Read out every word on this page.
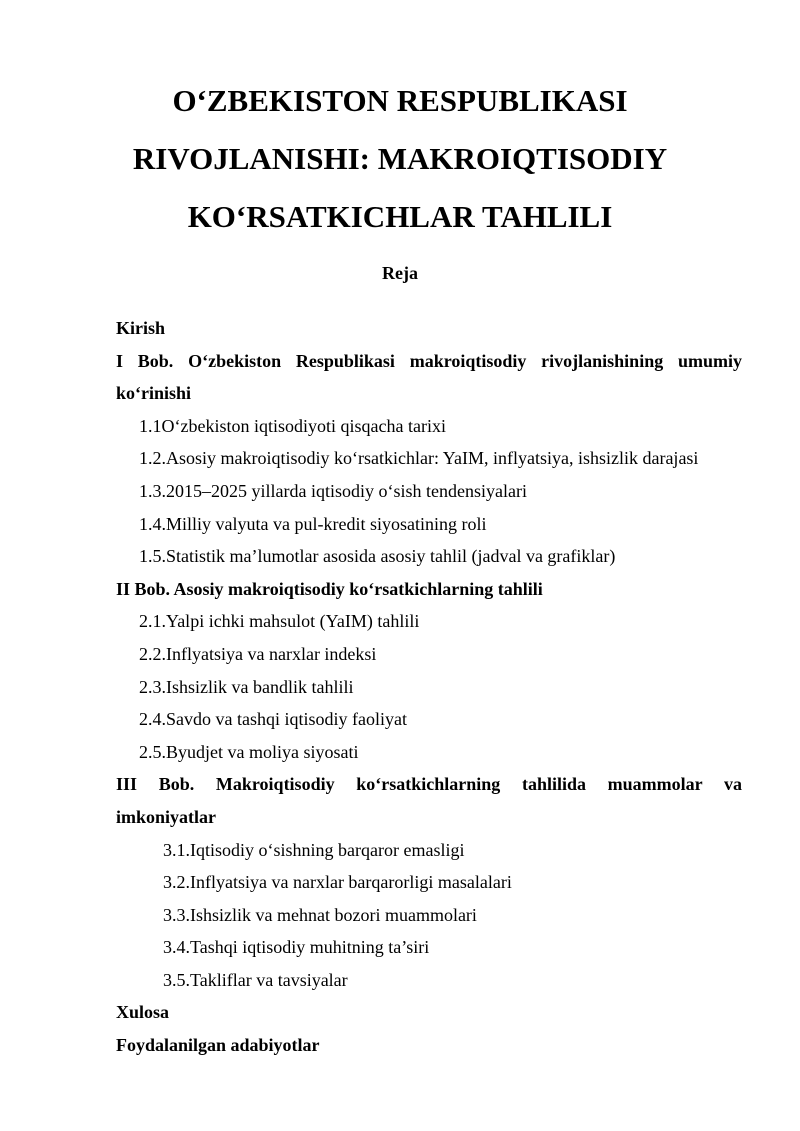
O‘ZBEKISTON RESPUBLIKASI
RIVOJLANISHI: MAKROIQTISODIY
KO‘RSATKICHLAR TAHLILI
Reja
Kirish
I Bob. O‘zbekiston Respublikasi makroiqtisodiy rivojlanishining umumiy
ko‘rinishi
1.1O‘zbekiston iqtisodiyoti qisqacha tarixi
1.2.Asosiy makroiqtisodiy ko‘rsatkichlar: YaIM, inflyatsiya, ishsizlik darajasi
1.3.2015–2025 yillarda iqtisodiy o‘sish tendensiyalari
1.4.Milliy valyuta va pul-kredit siyosatining roli
1.5.Statistik ma’lumotlar asosida asosiy tahlil (jadval va grafiklar)
II Bob. Asosiy makroiqtisodiy ko‘rsatkichlarning tahlili
2.1.Yalpi ichki mahsulot (YaIM) tahlili
2.2.Inflyatsiya va narxlar indeksi
2.3.Ishsizlik va bandlik tahlili
2.4.Savdo va tashqi iqtisodiy faoliyat
2.5.Byudjet va moliya siyosati
III Bob. Makroiqtisodiy ko‘rsatkichlarning tahlilida muammolar va
imkoniyatlar
3.1.Iqtisodiy o‘sishning barqaror emasligi
3.2.Inflyatsiya va narxlar barqarorligi masalalari
3.3.Ishsizlik va mehnat bozori muammolari
3.4.Tashqi iqtisodiy muhitning ta’siri
3.5.Takliflar va tavsiyalar
Xulosa
Foydalanilgan adabiyotlar
